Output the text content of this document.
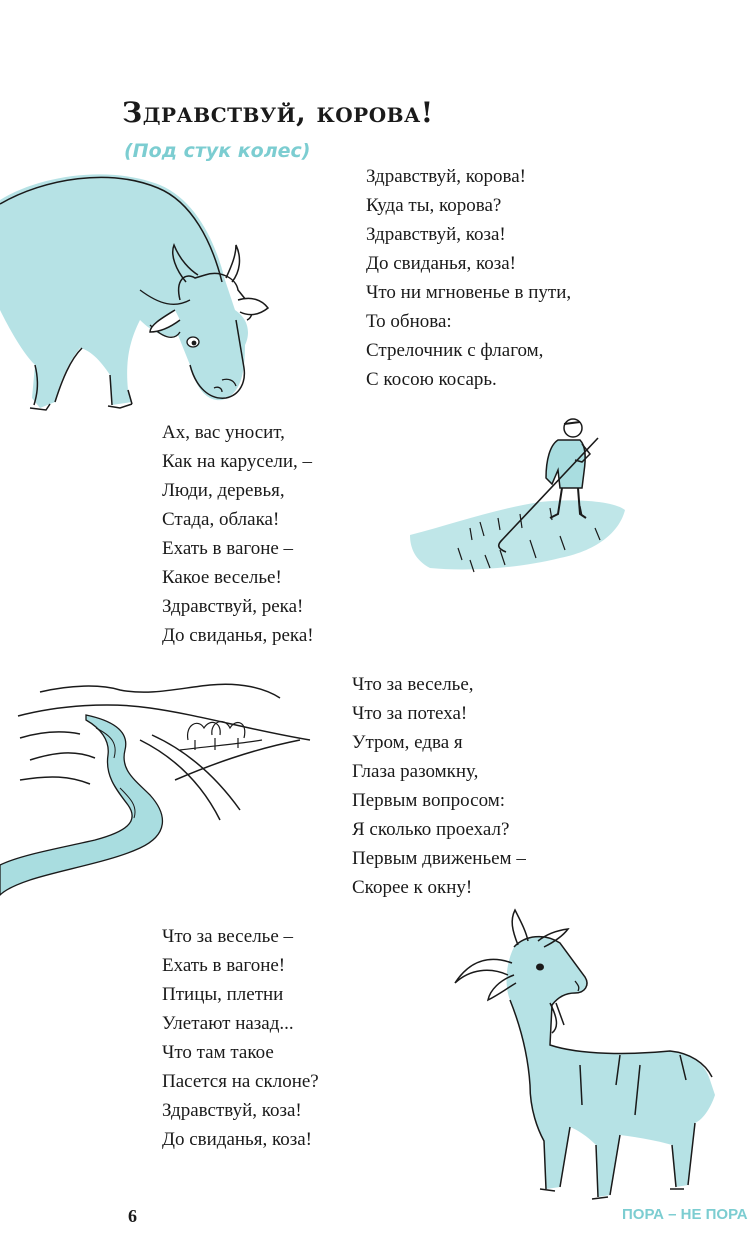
Здравствуй, корова!
(Под стук колес)
Здравствуй, корова!
Куда ты, корова?
Здравствуй, коза!
До свиданья, коза!
Что ни мгновенье в пути,
То обнова:
Стрелочник с флагом,
С косою косарь.
Ах, вас уносит,
Как на карусели, –
Люди, деревья,
Стада, облака!
Ехать в вагоне –
Какое веселье!
Здравствуй, река!
До свиданья, река!
Что за веселье,
Что за потеха!
Утром, едва я
Глаза разомкну,
Первым вопросом:
Я сколько проехал?
Первым движеньем –
Скорее к окну!
Что за веселье –
Ехать в вагоне!
Птицы, плетни
Улетают назад...
Что там такое
Пасется на склоне?
Здравствуй, коза!
До свиданья, коза!
6	ПОРА – НЕ ПОРА
